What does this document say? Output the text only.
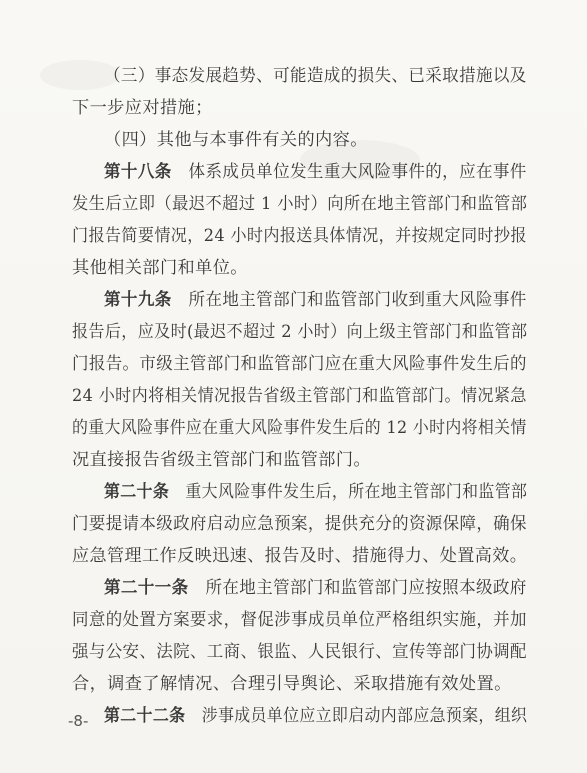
（三）事态发展趋势、可能造成的损失、已采取措施以及
下一步应对措施；
（四）其他与本事件有关的内容。
第十八条　体系成员单位发生重大风险事件的，应在事件
发生后立即（最迟不超过 1 小时）向所在地主管部门和监管部
门报告简要情况，24 小时内报送具体情况，并按规定同时抄报
其他相关部门和单位。
第十九条　所在地主管部门和监管部门收到重大风险事件
报告后，应及时(最迟不超过 2 小时）向上级主管部门和监管部
门报告。市级主管部门和监管部门应在重大风险事件发生后的
24 小时内将相关情况报告省级主管部门和监管部门。情况紧急
的重大风险事件应在重大风险事件发生后的 12 小时内将相关情
况直接报告省级主管部门和监管部门。
第二十条　重大风险事件发生后，所在地主管部门和监管部
门要提请本级政府启动应急预案，提供充分的资源保障，确保
应急管理工作反映迅速、报告及时、措施得力、处置高效。
第二十一条　所在地主管部门和监管部门应按照本级政府
同意的处置方案要求，督促涉事成员单位严格组织实施，并加
强与公安、法院、工商、银监、人民银行、宣传等部门协调配
合，调查了解情况、合理引导舆论、采取措施有效处置。
第二十二条　涉事成员单位应立即启动内部应急预案，组织
-8-
